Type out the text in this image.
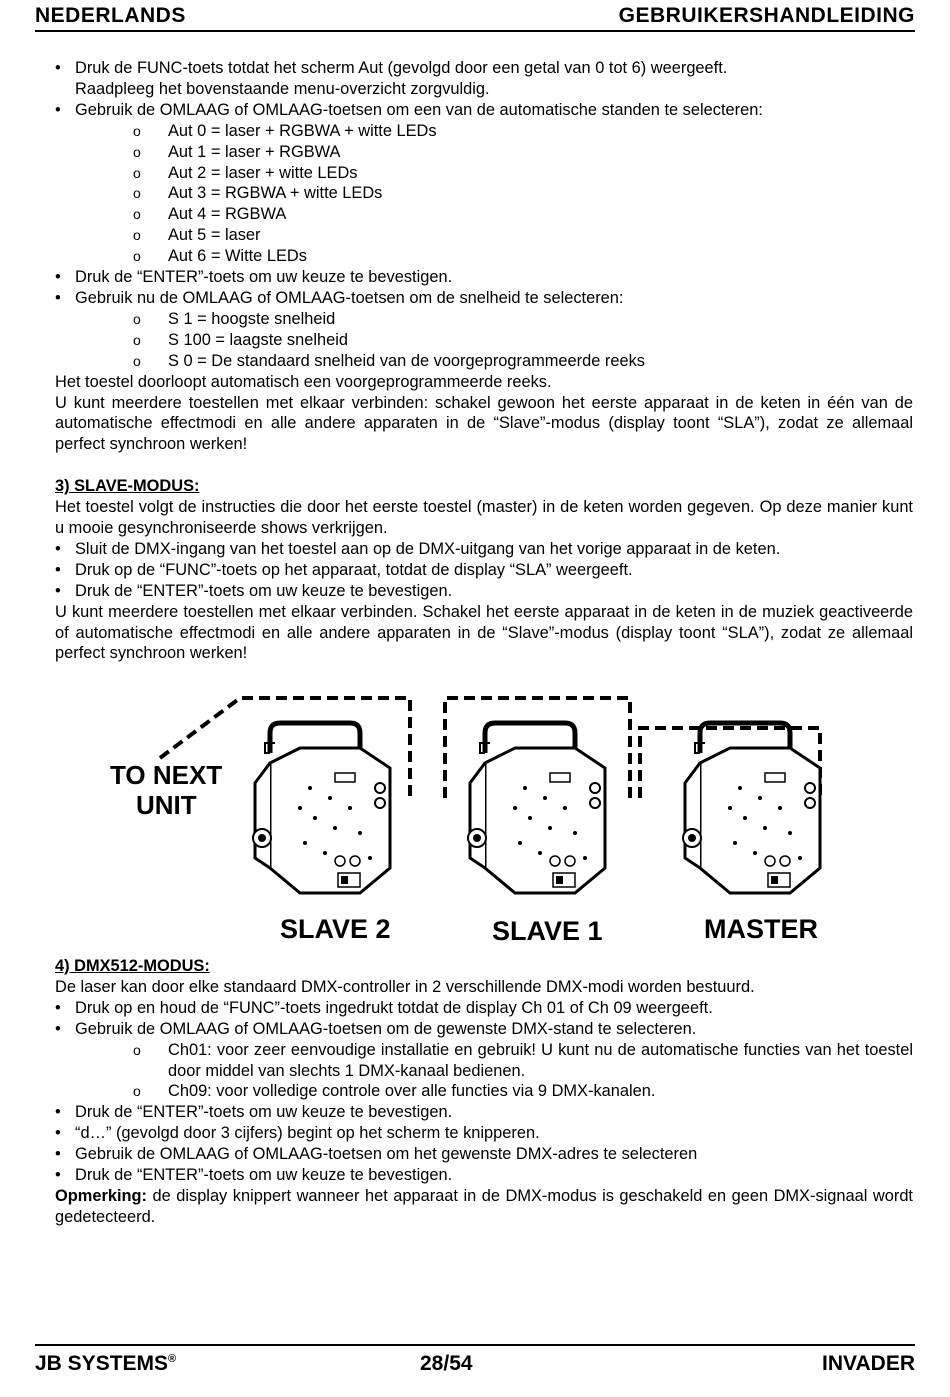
NEDERLANDS	GEBRUIKERSHANDLEIDING
• Druk de FUNC-toets totdat het scherm Aut (gevolgd door een getal van 0 tot 6) weergeeft.
Raadpleeg het bovenstaande menu-overzicht zorgvuldig.
• Gebruik de OMLAAG of OMLAAG-toetsen om een van de automatische standen te selecteren:
o Aut 0 = laser + RGBWA + witte LEDs
o Aut 1 = laser + RGBWA
o Aut 2 = laser + witte LEDs
o Aut 3 = RGBWA + witte LEDs
o Aut 4 = RGBWA
o Aut 5 = laser
o Aut 6 = Witte LEDs
• Druk de “ENTER”-toets om uw keuze te bevestigen.
• Gebruik nu de OMLAAG of OMLAAG-toetsen om de snelheid te selecteren:
o S 1 = hoogste snelheid
o S 100 = laagste snelheid
o S 0 = De standaard snelheid van de voorgeprogrammeerde reeks
Het toestel doorloopt automatisch een voorgeprogrammeerde reeks.
U kunt meerdere toestellen met elkaar verbinden: schakel gewoon het eerste apparaat in de keten in één van de automatische effectmodi en alle andere apparaten in de “Slave”-modus (display toont “SLA”), zodat ze allemaal perfect synchroon werken!
3) SLAVE-MODUS:
Het toestel volgt de instructies die door het eerste toestel (master) in de keten worden gegeven. Op deze manier kunt u mooie gesynchroniseerde shows verkrijgen.
• Sluit de DMX-ingang van het toestel aan op de DMX-uitgang van het vorige apparaat in de keten.
• Druk op de “FUNC”-toets op het apparaat, totdat de display “SLA” weergeeft.
• Druk de “ENTER”-toets om uw keuze te bevestigen.
U kunt meerdere toestellen met elkaar verbinden. Schakel het eerste apparaat in de keten in de muziek geactiveerde of automatische effectmodi en alle andere apparaten in de “Slave”-modus (display toont “SLA”), zodat ze allemaal perfect synchroon werken!
TO NEXT
UNIT
SLAVE 2	SLAVE 1	MASTER
4) DMX512-MODUS:
De laser kan door elke standaard DMX-controller in 2 verschillende DMX-modi worden bestuurd.
• Druk op en houd de “FUNC”-toets ingedrukt totdat de display Ch 01 of Ch 09 weergeeft.
• Gebruik de OMLAAG of OMLAAG-toetsen om de gewenste DMX-stand te selecteren.
o Ch01: voor zeer eenvoudige installatie en gebruik! U kunt nu de automatische functies van het toestel door middel van slechts 1 DMX-kanaal bedienen.
o Ch09: voor volledige controle over alle functies via 9 DMX-kanalen.
• Druk de “ENTER”-toets om uw keuze te bevestigen.
• “d…” (gevolgd door 3 cijfers) begint op het scherm te knipperen.
• Gebruik de OMLAAG of OMLAAG-toetsen om het gewenste DMX-adres te selecteren
• Druk de “ENTER”-toets om uw keuze te bevestigen.
Opmerking: de display knippert wanneer het apparaat in de DMX-modus is geschakeld en geen DMX-signaal wordt gedetecteerd.
JB SYSTEMS®	28/54	INVADER
